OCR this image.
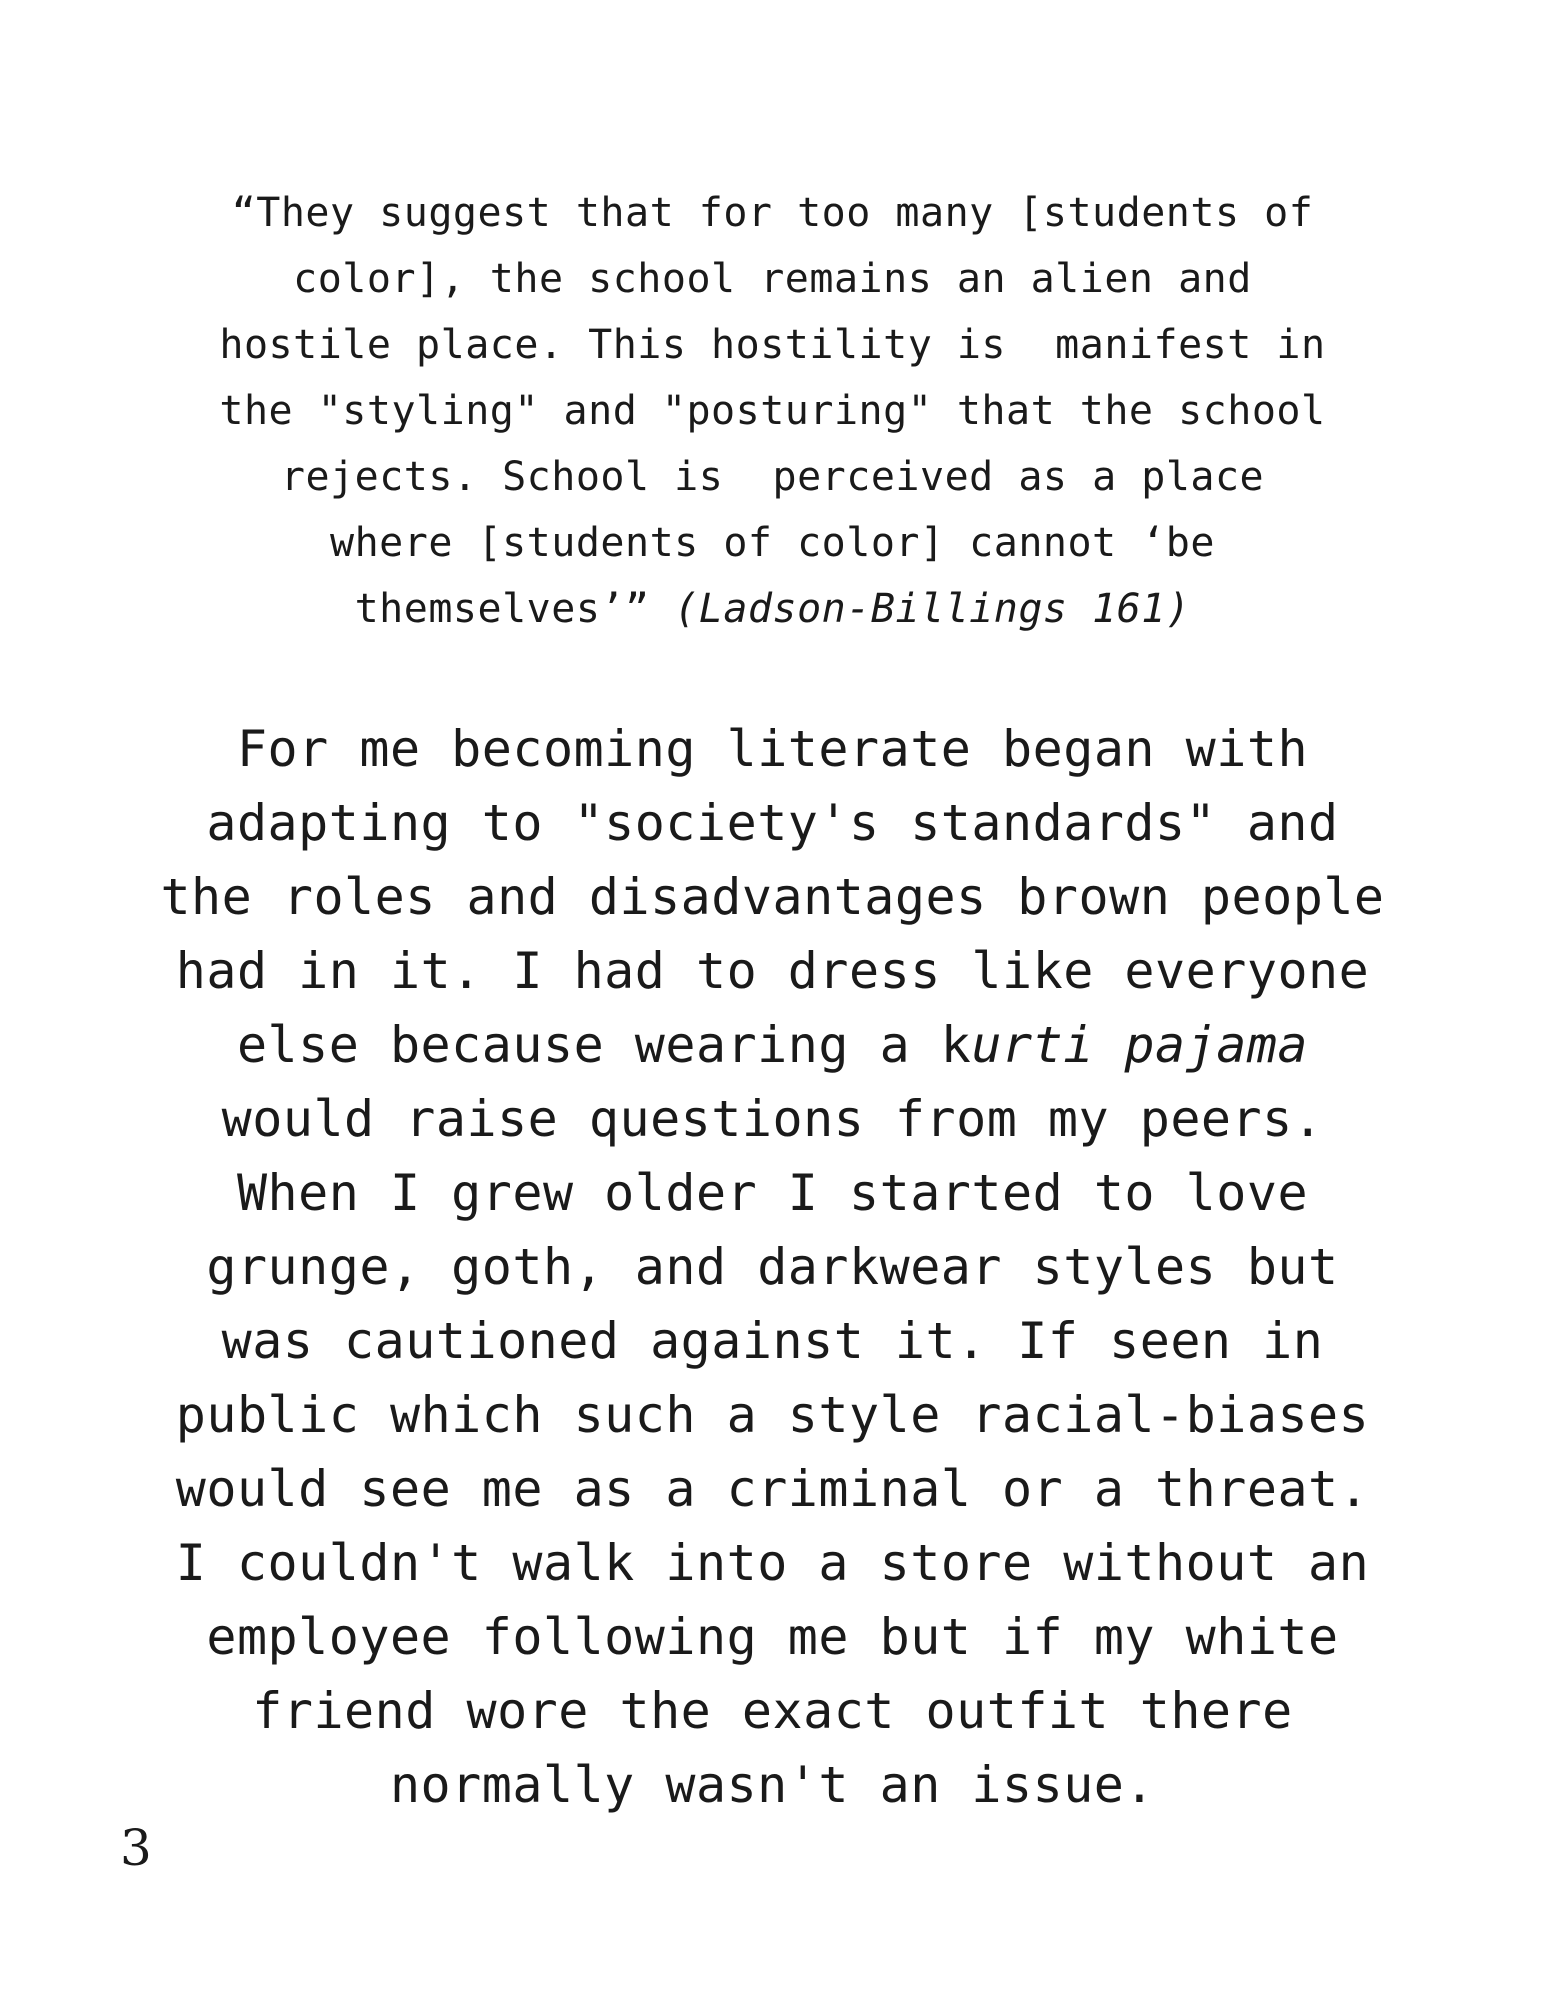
“They suggest that for too many [students of
color], the school remains an alien and
hostile place. This hostility is  manifest in
the "styling" and "posturing" that the school
rejects. School is  perceived as a place
where [students of color] cannot ‘be
themselves’” (Ladson-Billings 161)
For me becoming literate began with
adapting to "society's standards" and
the roles and disadvantages brown people
had in it. I had to dress like everyone
else because wearing a kurti pajama
would raise questions from my peers.
When I grew older I started to love
grunge, goth, and darkwear styles but
was cautioned against it. If seen in
public which such a style racial-biases
would see me as a criminal or a threat.
I couldn't walk into a store without an
employee following me but if my white
friend wore the exact outfit there
normally wasn't an issue.
3
